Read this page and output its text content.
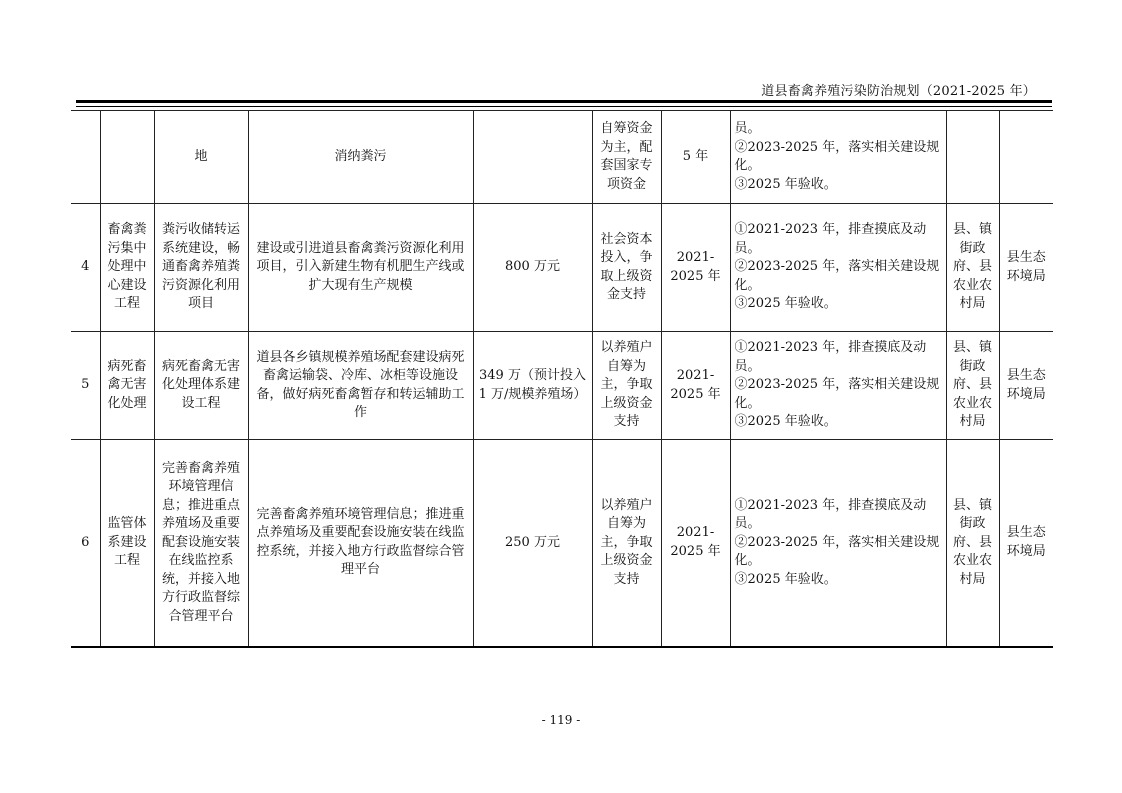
道县畜禽养殖污染防治规划（2021-2025 年）
		地	消纳粪污		自筹资金为主，配套国家专项资金	5 年	员。
②2023-2025 年，落实相关建设规化。
③2025 年验收。		

4	畜禽粪污集中处理中心建设工程	粪污收储转运系统建设，畅通畜禽养殖粪污资源化利用项目	建设或引进道县畜禽粪污资源化利用项目，引入新建生物有机肥生产线或扩大现有生产规模	800 万元	社会资本投入，争取上级资金支持	2021-2025 年	①2021-2023 年，排查摸底及动员。
②2023-2025 年，落实相关建设规化。
③2025 年验收。	县、镇街政府、县农业农村局	县生态环境局
5	病死畜禽无害化处理	病死畜禽无害化处理体系建设工程	道县各乡镇规模养殖场配套建设病死畜禽运输袋、冷库、冰柜等设施设备，做好病死畜禽暂存和转运辅助工作	349 万（预计投入1 万/规模养殖场）	以养殖户自筹为主，争取上级资金支持	2021-2025 年	①2021-2023 年，排查摸底及动员。
②2023-2025 年，落实相关建设规化。
③2025 年验收。	县、镇街政府、县农业农村局	县生态环境局
6	监管体系建设工程	完善畜禽养殖环境管理信息；推进重点养殖场及重要配套设施安装在线监控系统，并接入地方行政监督综合管理平台	完善畜禽养殖环境管理信息；推进重点养殖场及重要配套设施安装在线监控系统，并接入地方行政监督综合管理平台	250 万元	以养殖户自筹为主，争取上级资金支持	2021-2025 年	①2021-2023 年，排查摸底及动员。
②2023-2025 年，落实相关建设规化。
③2025 年验收。	县、镇街政府、县农业农村局	县生态环境局
- 119 -
